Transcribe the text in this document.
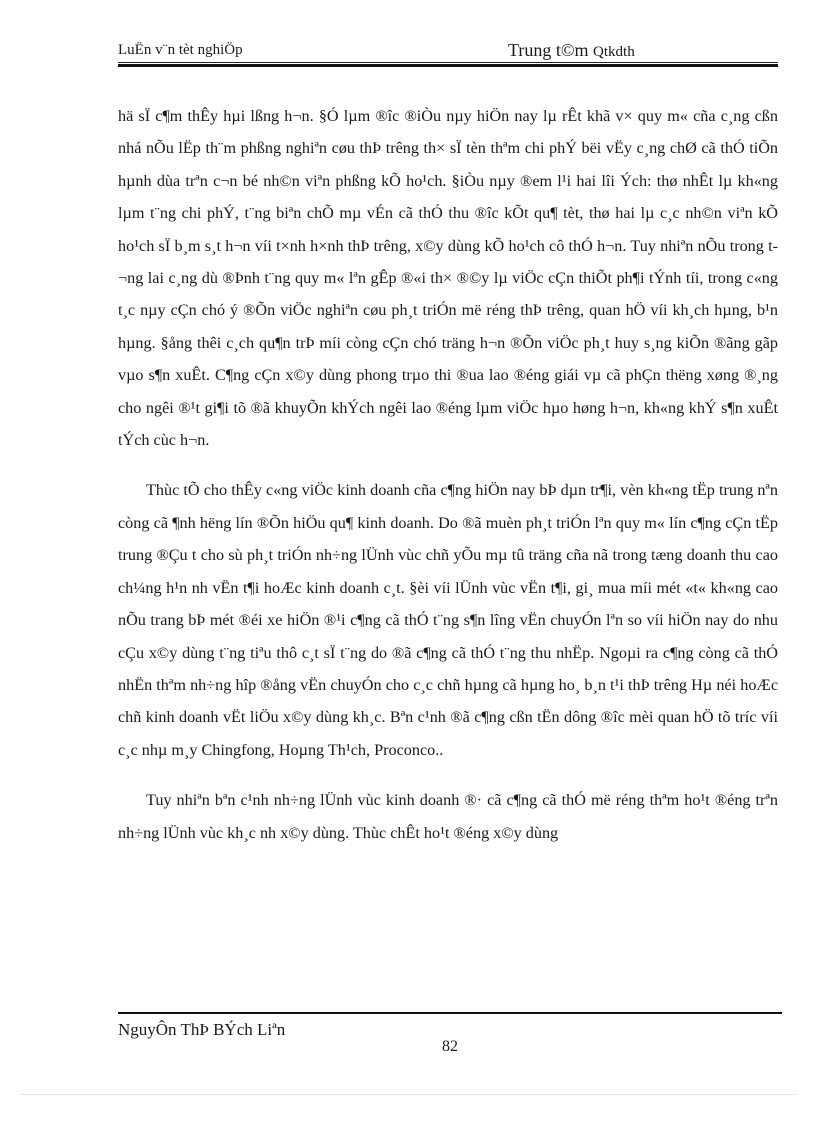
LuËn v¨n tèt nghiÖp	Trung t©m Qtkdth

hä sÏ c¶m thÊy hµi lßng h¬n. §Ó lµm ®îc ®iÒu nµy hiÖn nay lµ rÊt khã v× quy m« cña c¸ng cßn nhá nÕu lËp th¨m phßng nghiªn cøu thÞ trêng th× sÏ tèn thªm chi phÝ bëi vËy c¸ng chØ cã thÓ tiÕn hµnh dùa trªn c¬n bé nh©n viªn phßng kÕ ho¹ch. §iÒu nµy ®em l¹i hai lîi Ých: thø nhÊt lµ kh«ng lµm t¨ng chi phÝ, t¨ng biªn chÕ mµ vÉn cã thÓ thu ®îc kÕt qu¶ tèt, thø hai lµ c¸c nh©n viªn kÕ ho¹ch sÏ b¸m s¸t h¬n víi t×nh h×nh thÞ trêng, x©y dùng kÕ ho¹ch cô thÓ h¬n. Tuy nhiªn nÕu trong t¬ng lai c¸ng dù ®Þnh t¨ng quy m« lªn gÊp ®«i th× ®©y lµ viÖc cÇn thiÕt ph¶i tÝnh tíi, trong c«ng t¸c nµy cÇn chó ý ®Õn viÖc nghiªn cøu ph¸t triÓn më réng thÞ trêng, quan hÖ víi kh¸ch hµng, b¹n hµng. §ång thêi c¸ch qu¶n trÞ míi còng cÇn chó träng h¬n ®Õn viÖc ph¸t huy s¸ng kiÕn ®ãng gãp vµo s¶n xuÊt. C¶ng cÇn x©y dùng phong trµo thi ®ua lao ®éng giái vµ cã phÇn thëng xøng ®¸ng cho ngêi ®¹t gi¶i tõ ®ã khuyÕn khÝch ngêi lao ®éng lµm viÖc hµo høng h¬n, kh«ng khÝ s¶n xuÊt tÝch cùc h¬n.

Thùc tÕ cho thÊy c«ng viÖc kinh doanh cña c¶ng hiÖn nay bÞ dµn tr¶i, vèn kh«ng tËp trung nªn còng cã ¶nh hëng lín ®Õn hiÖu qu¶ kinh doanh. Do ®ã muèn ph¸t triÓn lªn quy m« lín c¶ng cÇn tËp trung ®Çu t cho sù ph¸t triÓn nh÷ng lÜnh vùc chñ yÕu mµ tû träng cña nã trong tæng doanh thu cao ch¼ng h¹n nh vËn t¶i hoÆc kinh doanh c¸t. §èi víi lÜnh vùc vËn t¶i, gi¸ mua míi mét «t« kh«ng cao nÕu trang bÞ mét ®éi xe hiÖn ®¹i c¶ng cã thÓ t¨ng s¶n lîng vËn chuyÓn lªn so víi hiÖn nay do nhu cÇu x©y dùng t¨ng tiªu thô c¸t sÏ t¨ng do ®ã c¶ng cã thÓ t¨ng thu nhËp. Ngoµi ra c¶ng còng cã thÓ nhËn thªm nh÷ng hîp ®ång vËn chuyÓn cho c¸c chñ hµng cã hµng ho¸ b¸n t¹i thÞ trêng Hµ néi hoÆc chñ kinh doanh vËt liÖu x©y dùng kh¸c. Bªn c¹nh ®ã c¶ng cßn tËn dông ®îc mèi quan hÖ tõ tríc víi c¸c nhµ m¸y Chingfong, Hoµng Th¹ch, Proconco..

Tuy nhiªn bªn c¹nh nh÷ng lÜnh vùc kinh doanh ®· cã c¶ng cã thÓ më réng thªm ho¹t ®éng trªn nh÷ng lÜnh vùc kh¸c nh x©y dùng. Thùc chÊt ho¹t ®éng x©y dùng

NguyÔn ThÞ BÝch Liªn
82
